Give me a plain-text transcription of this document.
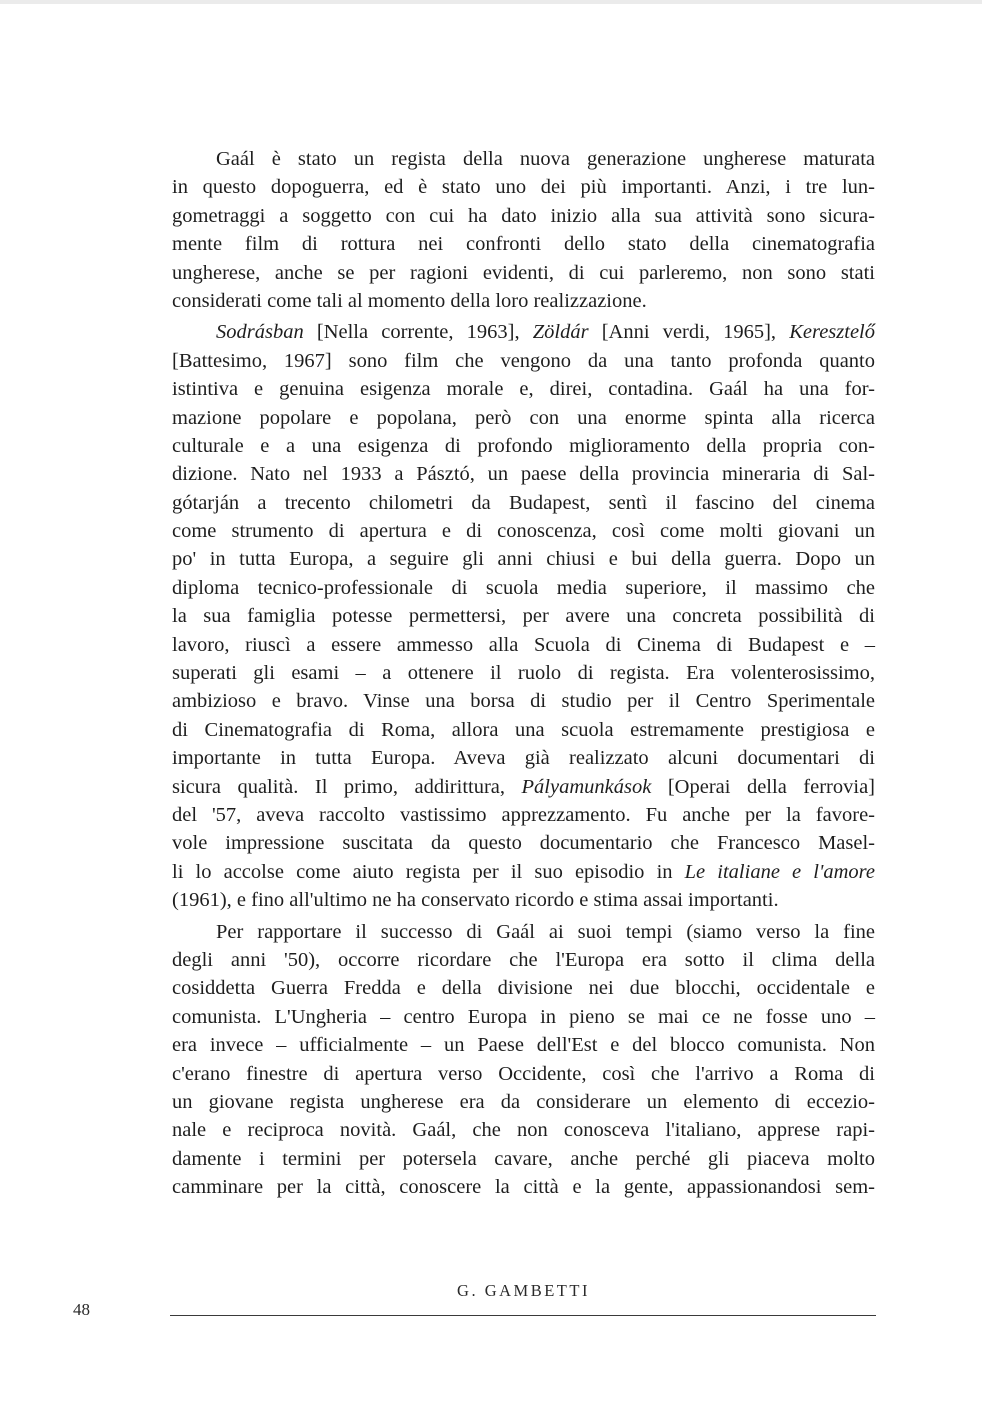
Gaál è stato un regista della nuova generazione ungherese maturata
in questo dopoguerra, ed è stato uno dei più importanti. Anzi, i tre lun-
gometraggi a soggetto con cui ha dato inizio alla sua attività sono sicura-
mente film di rottura nei confronti dello stato della cinematografia
ungherese, anche se per ragioni evidenti, di cui parleremo, non sono stati
considerati come tali al momento della loro realizzazione.
Sodrásban [Nella corrente, 1963], Zöldár [Anni verdi, 1965], Keresztelő
[Battesimo, 1967] sono film che vengono da una tanto profonda quanto
istintiva e genuina esigenza morale e, direi, contadina. Gaál ha una for-
mazione popolare e popolana, però con una enorme spinta alla ricerca
culturale e a una esigenza di profondo miglioramento della propria con-
dizione. Nato nel 1933 a Pásztó, un paese della provincia mineraria di Sal-
gótarján a trecento chilometri da Budapest, sentì il fascino del cinema
come strumento di apertura e di conoscenza, così come molti giovani un
po' in tutta Europa, a seguire gli anni chiusi e bui della guerra. Dopo un
diploma tecnico-professionale di scuola media superiore, il massimo che
la sua famiglia potesse permettersi, per avere una concreta possibilità di
lavoro, riuscì a essere ammesso alla Scuola di Cinema di Budapest e –
superati gli esami – a ottenere il ruolo di regista. Era volenterosissimo,
ambizioso e bravo. Vinse una borsa di studio per il Centro Sperimentale
di Cinematografia di Roma, allora una scuola estremamente prestigiosa e
importante in tutta Europa. Aveva già realizzato alcuni documentari di
sicura qualità. Il primo, addirittura, Pályamunkások [Operai della ferrovia]
del '57, aveva raccolto vastissimo apprezzamento. Fu anche per la favore-
vole impressione suscitata da questo documentario che Francesco Masel-
li lo accolse come aiuto regista per il suo episodio in Le italiane e l'amore
(1961), e fino all'ultimo ne ha conservato ricordo e stima assai importanti.
Per rapportare il successo di Gaál ai suoi tempi (siamo verso la fine
degli anni '50), occorre ricordare che l'Europa era sotto il clima della
cosiddetta Guerra Fredda e della divisione nei due blocchi, occidentale e
comunista. L'Ungheria – centro Europa in pieno se mai ce ne fosse uno –
era invece – ufficialmente – un Paese dell'Est e del blocco comunista. Non
c'erano finestre di apertura verso Occidente, così che l'arrivo a Roma di
un giovane regista ungherese era da considerare un elemento di eccezio-
nale e reciproca novità. Gaál, che non conosceva l'italiano, apprese rapi-
damente i termini per potersela cavare, anche perché gli piaceva molto
camminare per la città, conoscere la città e la gente, appassionandosi sem-
G. GAMBETTI
48
